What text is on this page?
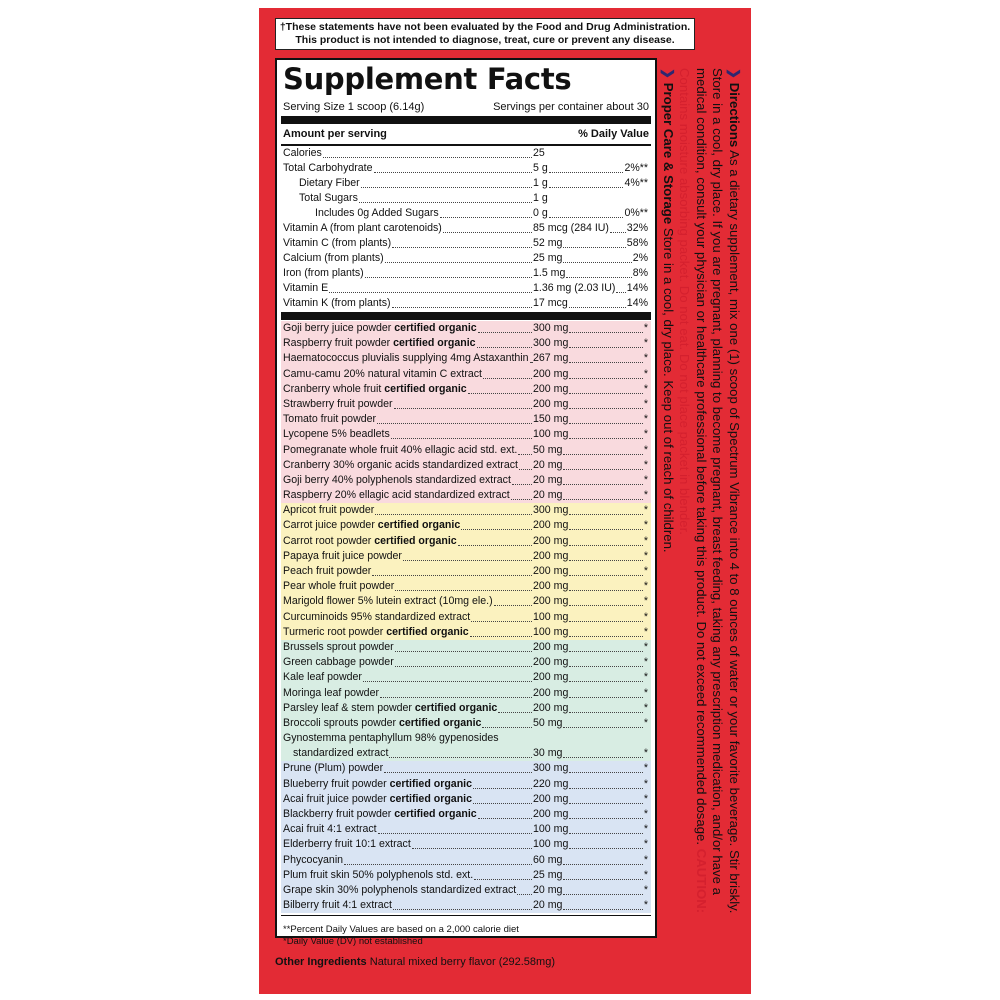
†These statements have not been evaluated by the Food and Drug Administration.
This product is not intended to diagnose, treat, cure or prevent any disease.
Supplement Facts
Serving Size 1 scoop (6.14g)	Servings per container about 30
Amount per serving	% Daily Value
Calories	25
Total Carbohydrate	5 g	2%**
Dietary Fiber	1 g	4%**
Total Sugars	1 g
Includes 0g Added Sugars	0 g	0%**
Vitamin A (from plant carotenoids)	85 mcg (284 IU) 32%
Vitamin C (from plants)	52 mg	58%
Calcium (from plants)	25 mg	2%
Iron (from plants)	1.5 mg	8%
Vitamin E	1.36 mg (2.03 IU) 14%
Vitamin K (from plants)	17 mcg	14%
Goji berry juice powder certified organic	300 mg	*
Raspberry fruit powder certified organic	300 mg	*
Haematococcus pluvialis supplying 4mg Astaxanthin 267 mg	*
Camu-camu 20% natural vitamin C extract	200 mg	*
Cranberry whole fruit certified organic	200 mg	*
Strawberry fruit powder	200 mg	*
Tomato fruit powder	150 mg	*
Lycopene 5% beadlets	100 mg	*
Pomegranate whole fruit 40% ellagic acid std. ext. 50 mg	*
Cranberry 30% organic acids standardized extract 20 mg	*
Goji berry 40% polyphenols standardized extract 20 mg	*
Raspberry 20% ellagic acid standardized extract 20 mg	*
Apricot fruit powder	300 mg	*
Carrot juice powder certified organic	200 mg	*
Carrot root powder certified organic	200 mg	*
Papaya fruit juice powder	200 mg	*
Peach fruit powder	200 mg	*
Pear whole fruit powder	200 mg	*
Marigold flower 5% lutein extract (10mg ele.)	200 mg	*
Curcuminoids 95% standardized extract	100 mg	*
Turmeric root powder certified organic	100 mg	*
Brussels sprout powder	200 mg	*
Green cabbage powder	200 mg	*
Kale leaf powder	200 mg	*
Moringa leaf powder	200 mg	*
Parsley leaf & stem powder certified organic	200 mg	*
Broccoli sprouts powder certified organic	50 mg	*
Gynostemma pentaphyllum 98% gypenosides
standardized extract	30 mg	*
Prune (Plum) powder	300 mg	*
Blueberry fruit powder certified organic	220 mg	*
Acai fruit juice powder certified organic	200 mg	*
Blackberry fruit powder certified organic	200 mg	*
Acai fruit 4:1 extract	100 mg	*
Elderberry fruit 10:1 extract	100 mg	*
Phycocyanin	60 mg	*
Plum fruit skin 50% polyphenols std. ext.	25 mg	*
Grape skin 30% polyphenols standardized extract 20 mg	*
Bilberry fruit 4:1 extract	20 mg	*
**Percent Daily Values are based on a 2,000 calorie diet
*Daily Value (DV) not established
Other Ingredients Natural mixed berry flavor (292.58mg)

❯ Directions As a dietary supplement, mix one (1) scoop of Spectrum Vibrance into 4 to 8 ounces of water or your favorite beverage. Stir briskly. Store in a cool, dry place. If you are pregnant, planning to become pregnant, breast feeding, taking any prescription medication, and/or have a medical condition, consult your physician or healthcare professional before taking this product. Do not exceed recommended dosage. CAUTION: Contains moisture absorbing packet. Do not eat. Do not place packet in blender.

❯ Proper Care & Storage Store in a cool, dry place. Keep out of reach of children.
